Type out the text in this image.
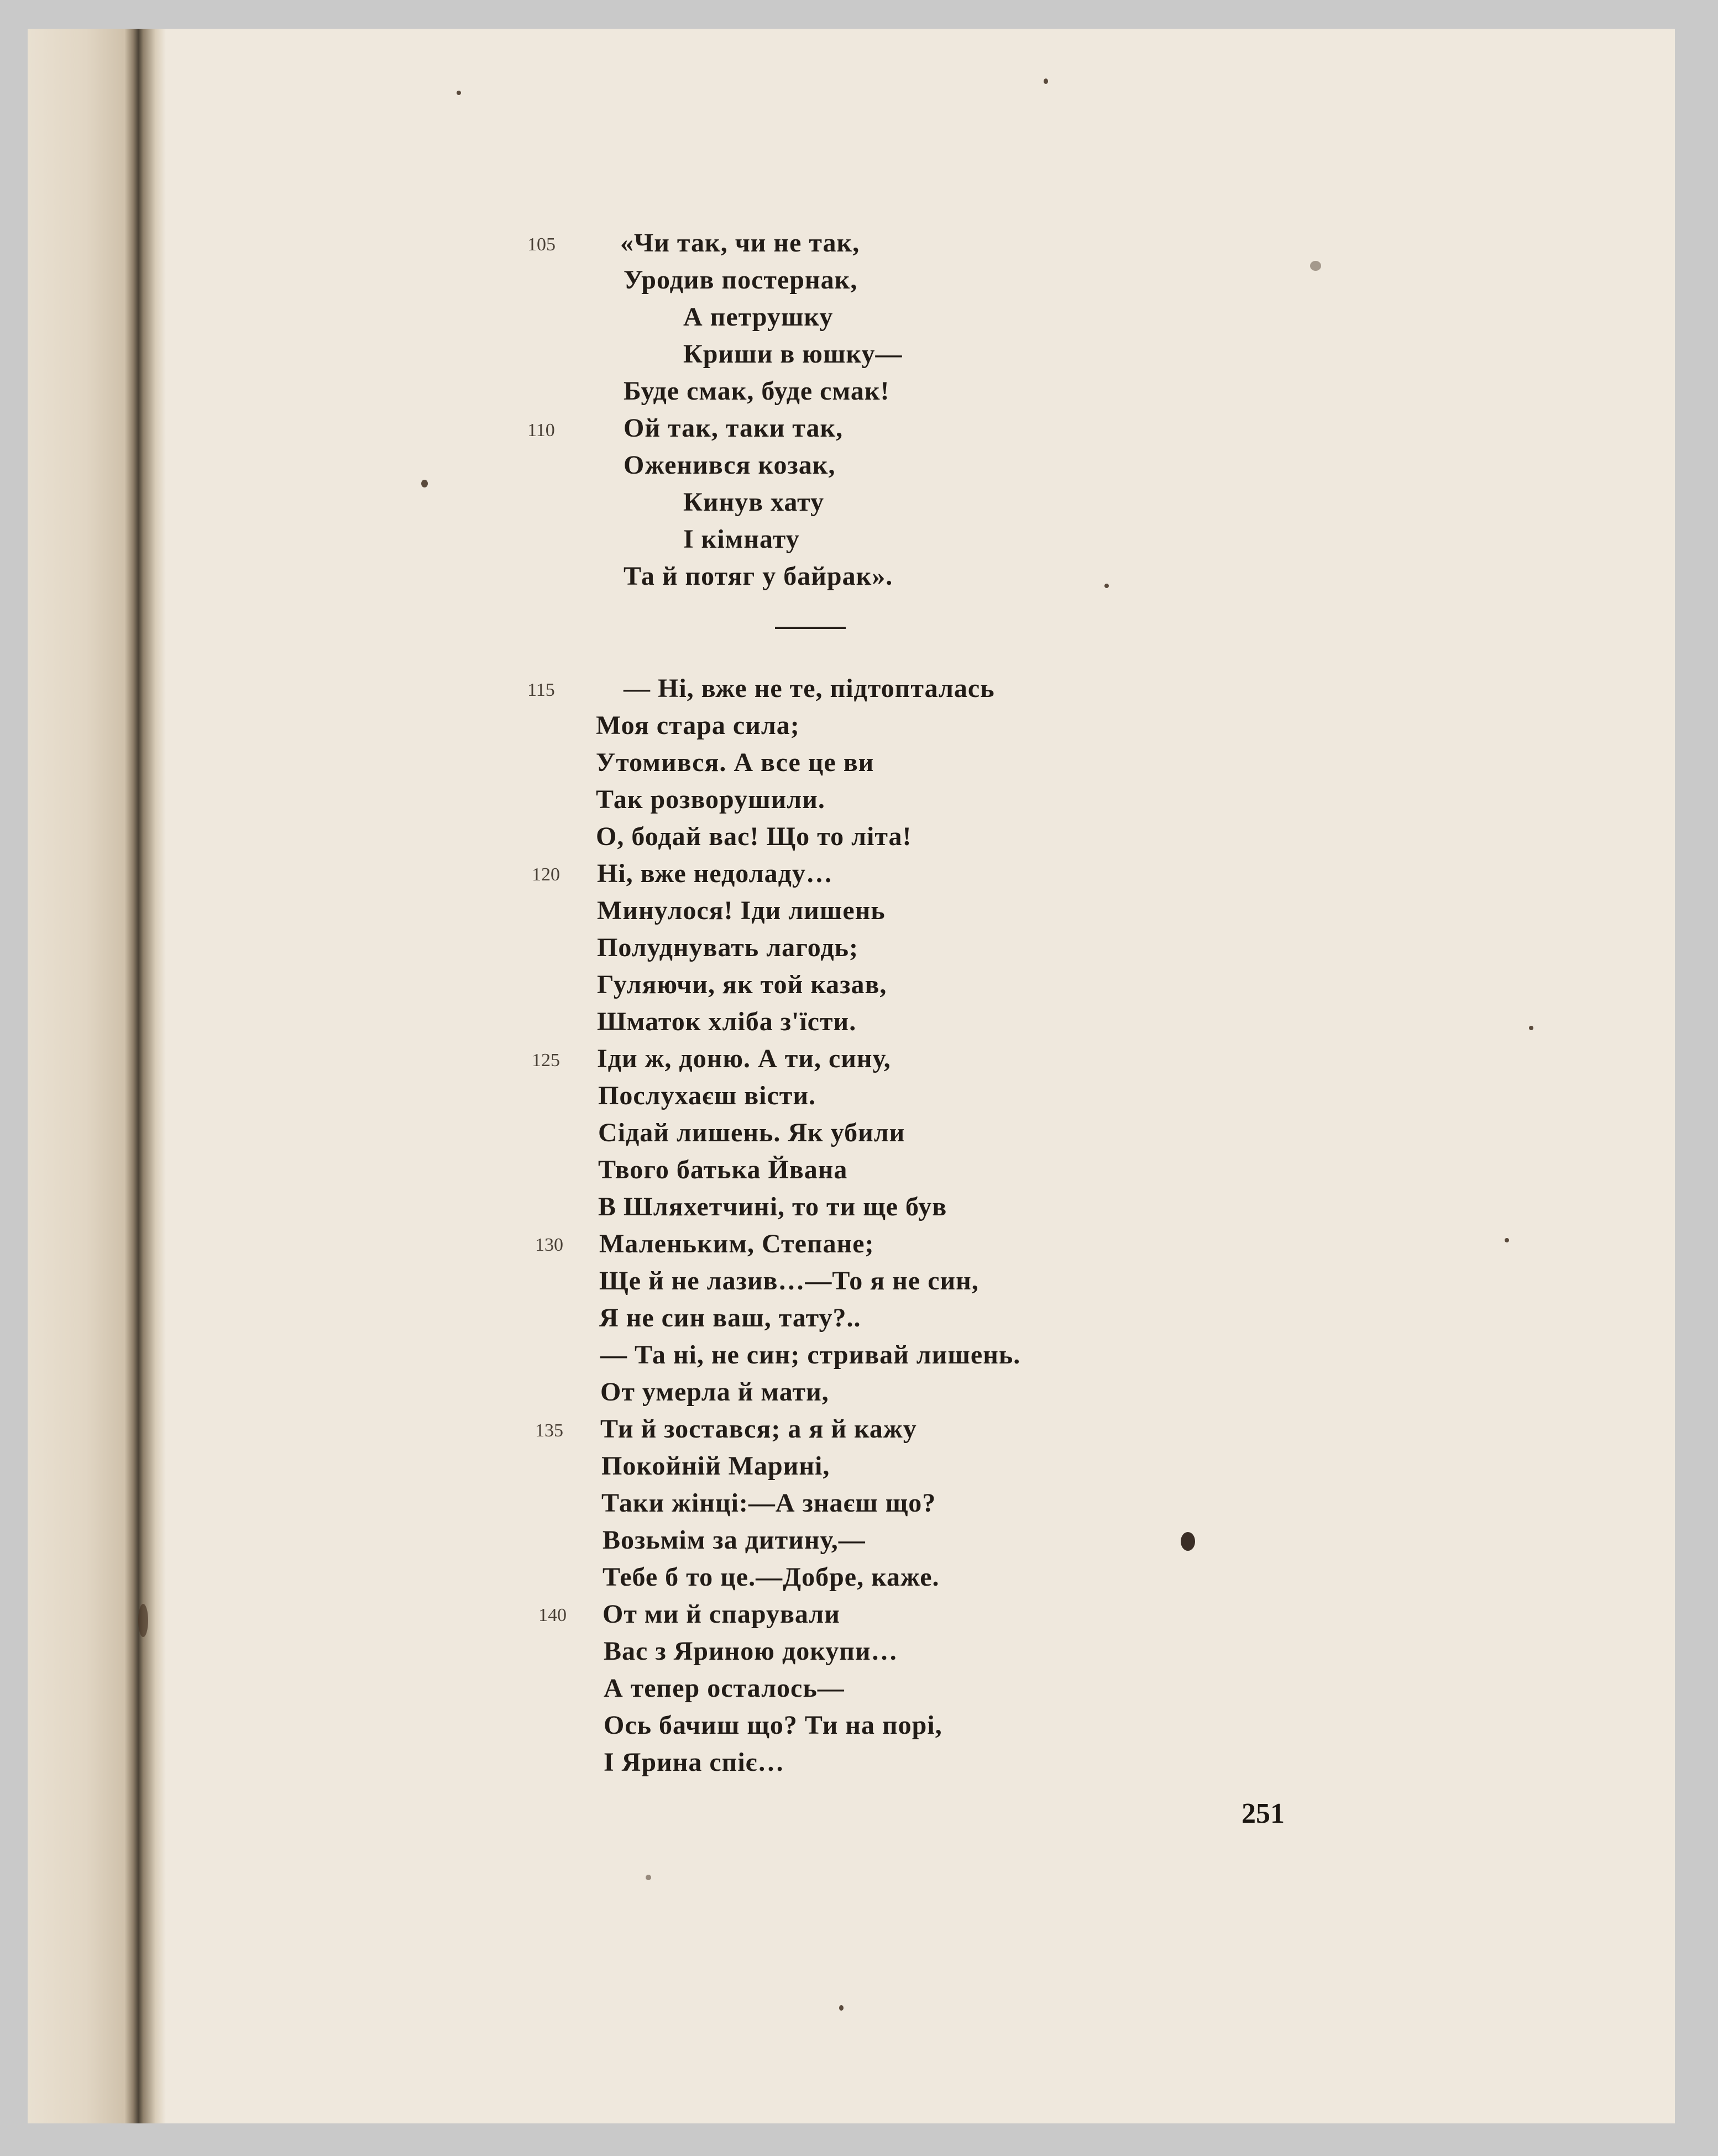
105
110
115
120
125
130
135
140
«Чи так, чи не так,
Уродив постернак,
А петрушку
Криши в юшку—
Буде смак, буде смак!
Ой так, таки так,
Оженився козак,
Кинув хату
І кімнату
Та й потяг у байрак».
— Ні, вже не те, підтопталась
Моя стара сила;
Утомився. А все це ви
Так розворушили.
О, бодай вас! Що то літа!
Ні, вже недоладу…
Минулося! Іди лишень
Полуднувать лагодь;
Гуляючи, як той казав,
Шматок хліба з'їсти.
Іди ж, доню. А ти, сину,
Послухаєш вісти.
Сідай лишень. Як убили
Твого батька Йвана
В Шляхетчині, то ти ще був
Маленьким, Степане;
Ще й не лазив…—То я не син,
Я не син ваш, тату?..
— Та ні, не син; стривай лишень.
От умерла й мати,
Ти й зостався; а я й кажу
Покойній Марині,
Таки жінці:—А знаєш що?
Возьмім за дитину,—
Тебе б то це.—Добре, каже.
От ми й спарували
Вас з Яриною докупи…
А тепер осталось—
Ось бачиш що? Ти на порі,
І Ярина спіє…
251
